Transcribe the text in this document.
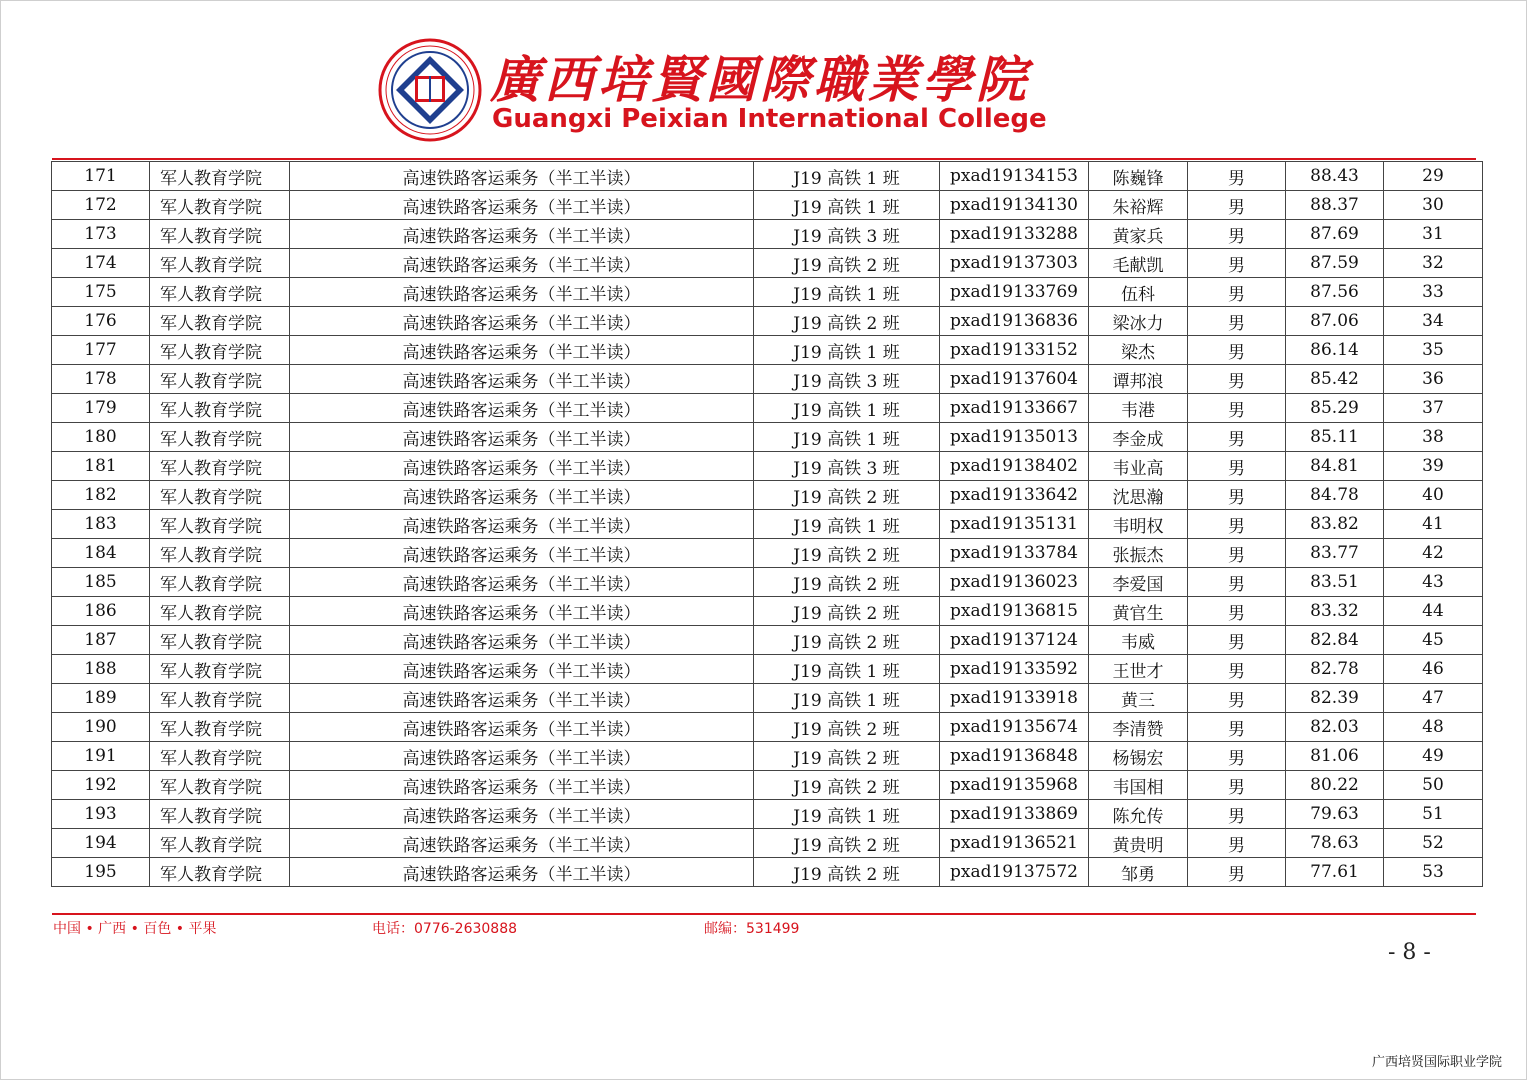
廣西培賢國際職業學院
Guangxi Peixian International College
171	军人教育学院	高速铁路客运乘务（半工半读）	J19 高铁 1 班	pxad19134153	陈巍锋	男	88.43	29
172	军人教育学院	高速铁路客运乘务（半工半读）	J19 高铁 1 班	pxad19134130	朱裕辉	男	88.37	30
173	军人教育学院	高速铁路客运乘务（半工半读）	J19 高铁 3 班	pxad19133288	黄家兵	男	87.69	31
174	军人教育学院	高速铁路客运乘务（半工半读）	J19 高铁 2 班	pxad19137303	毛献凯	男	87.59	32
175	军人教育学院	高速铁路客运乘务（半工半读）	J19 高铁 1 班	pxad19133769	伍科	男	87.56	33
176	军人教育学院	高速铁路客运乘务（半工半读）	J19 高铁 2 班	pxad19136836	梁冰力	男	87.06	34
177	军人教育学院	高速铁路客运乘务（半工半读）	J19 高铁 1 班	pxad19133152	梁杰	男	86.14	35
178	军人教育学院	高速铁路客运乘务（半工半读）	J19 高铁 3 班	pxad19137604	谭邦浪	男	85.42	36
179	军人教育学院	高速铁路客运乘务（半工半读）	J19 高铁 1 班	pxad19133667	韦港	男	85.29	37
180	军人教育学院	高速铁路客运乘务（半工半读）	J19 高铁 1 班	pxad19135013	李金成	男	85.11	38
181	军人教育学院	高速铁路客运乘务（半工半读）	J19 高铁 3 班	pxad19138402	韦业高	男	84.81	39
182	军人教育学院	高速铁路客运乘务（半工半读）	J19 高铁 2 班	pxad19133642	沈思瀚	男	84.78	40
183	军人教育学院	高速铁路客运乘务（半工半读）	J19 高铁 1 班	pxad19135131	韦明权	男	83.82	41
184	军人教育学院	高速铁路客运乘务（半工半读）	J19 高铁 2 班	pxad19133784	张振杰	男	83.77	42
185	军人教育学院	高速铁路客运乘务（半工半读）	J19 高铁 2 班	pxad19136023	李爱国	男	83.51	43
186	军人教育学院	高速铁路客运乘务（半工半读）	J19 高铁 2 班	pxad19136815	黄官生	男	83.32	44
187	军人教育学院	高速铁路客运乘务（半工半读）	J19 高铁 2 班	pxad19137124	韦威	男	82.84	45
188	军人教育学院	高速铁路客运乘务（半工半读）	J19 高铁 1 班	pxad19133592	王世才	男	82.78	46
189	军人教育学院	高速铁路客运乘务（半工半读）	J19 高铁 1 班	pxad19133918	黄三	男	82.39	47
190	军人教育学院	高速铁路客运乘务（半工半读）	J19 高铁 2 班	pxad19135674	李清赞	男	82.03	48
191	军人教育学院	高速铁路客运乘务（半工半读）	J19 高铁 2 班	pxad19136848	杨锡宏	男	81.06	49
192	军人教育学院	高速铁路客运乘务（半工半读）	J19 高铁 2 班	pxad19135968	韦国相	男	80.22	50
193	军人教育学院	高速铁路客运乘务（半工半读）	J19 高铁 1 班	pxad19133869	陈允传	男	79.63	51
194	军人教育学院	高速铁路客运乘务（半工半读）	J19 高铁 2 班	pxad19136521	黄贵明	男	78.63	52
195	军人教育学院	高速铁路客运乘务（半工半读）	J19 高铁 2 班	pxad19137572	邹勇	男	77.61	53
中国 • 广西 • 百色 • 平果	电话：0776-2630888	邮编：531499
- 8 -
广西培贤国际职业学院
